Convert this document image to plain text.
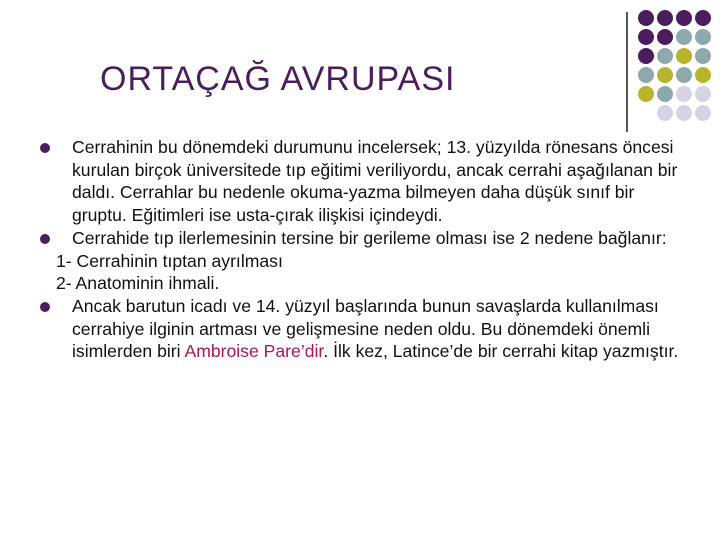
ORTAÇAĞ AVRUPASI
Cerrahinin bu dönemdeki durumunu incelersek; 13. yüzyılda rönesans öncesi kurulan birçok üniversitede tıp eğitimi veriliyordu, ancak cerrahi aşağılanan bir daldı. Cerrahlar bu nedenle okuma-yazma bilmeyen daha düşük sınıf bir gruptu. Eğitimleri ise usta-çırak ilişkisi içindeydi.
Cerrahide tıp ilerlemesinin tersine bir gerileme olması ise 2 nedene bağlanır:
1- Cerrahinin tıptan ayrılması
2- Anatominin ihmali.
Ancak barutun icadı ve 14. yüzyıl başlarında bunun savaşlarda kullanılması cerrahiye ilginin artması ve gelişmesine neden oldu. Bu dönemdeki önemli isimlerden biri Ambroise Pare’dir. İlk kez, Latince’de bir cerrahi kitap yazmıştır.
